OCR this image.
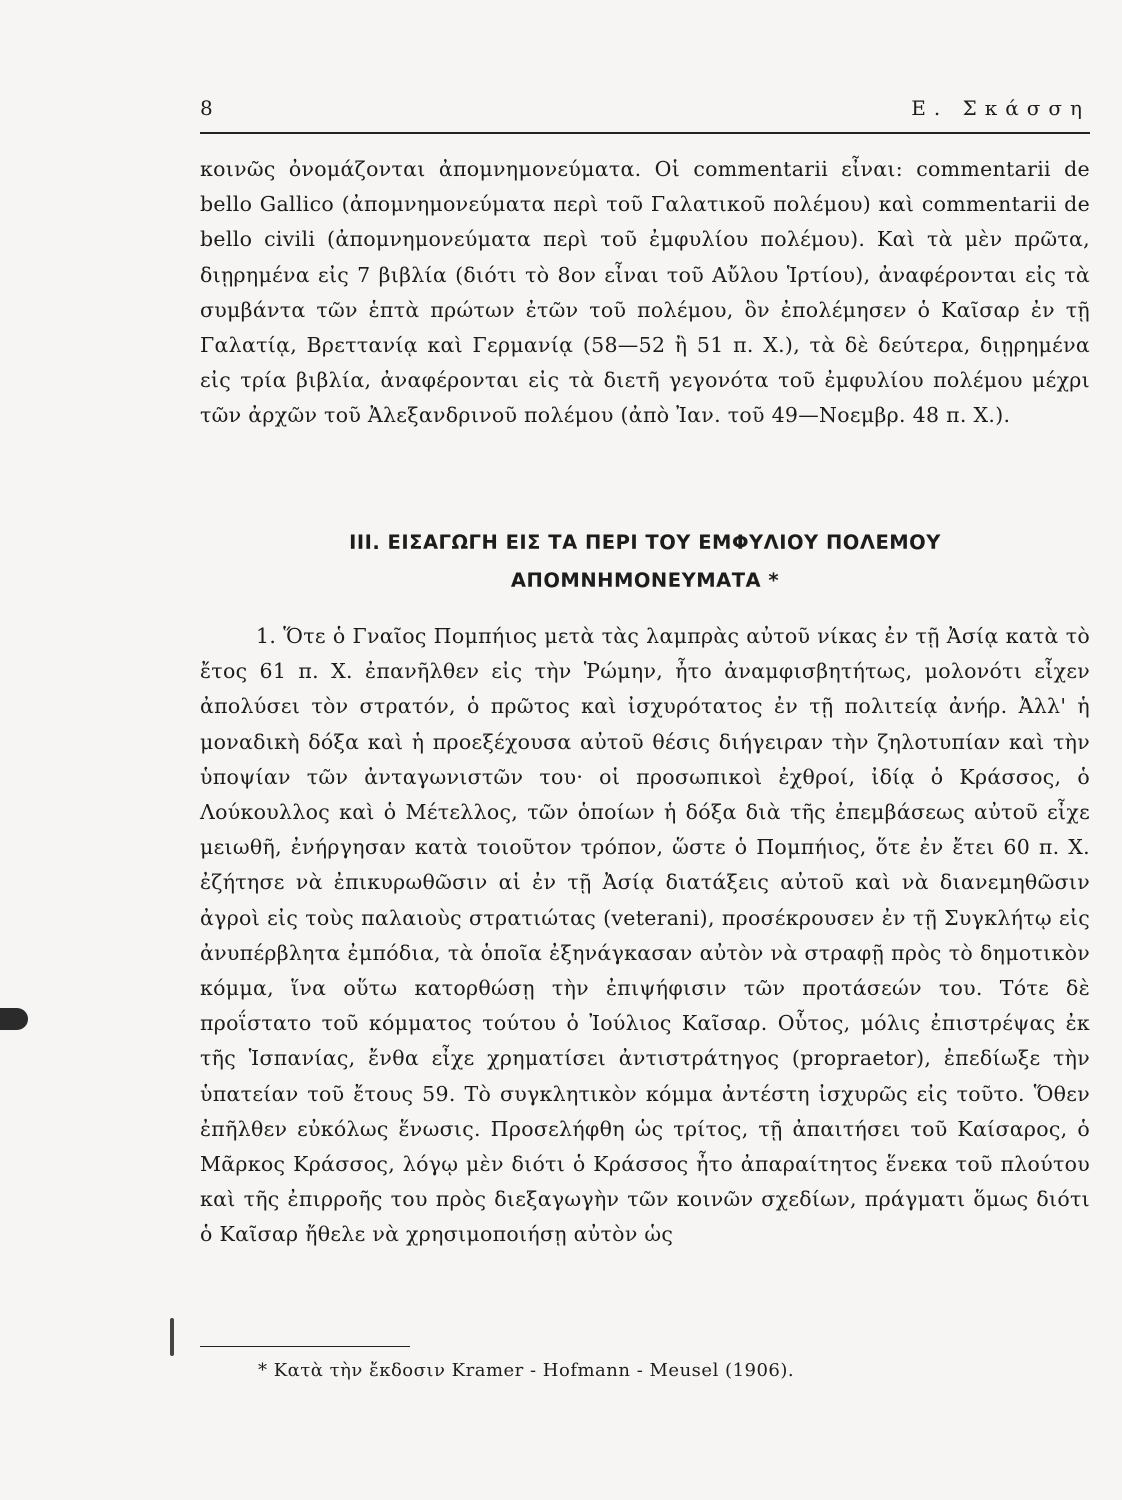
8	Ε. Σκάσση

κοινῶς ὀνομάζονται ἀπομνημονεύματα. Οἱ commentarii εἶναι: commentarii de bello Gallico (ἀπομνημονεύματα περὶ τοῦ Γαλατικοῦ πολέμου) καὶ commentarii de bello civili (ἀπομνημονεύματα περὶ τοῦ ἐμφυλίου πολέμου). Καὶ τὰ μὲν πρῶτα, διῃρημένα εἰς 7 βιβλία (διότι τὸ 8ον εἶναι τοῦ Αὔλου Ἱρτίου), ἀναφέρονται εἰς τὰ συμβάντα τῶν ἑπτὰ πρώτων ἐτῶν τοῦ πολέμου, ὃν ἐπολέμησεν ὁ Καῖσαρ ἐν τῇ Γαλατίᾳ, Βρεττανίᾳ καὶ Γερμανίᾳ (58—52 ἢ 51 π. Χ.), τὰ δὲ δεύτερα, διῃρημένα εἰς τρία βιβλία, ἀναφέρονται εἰς τὰ διετῆ γεγονότα τοῦ ἐμφυλίου πολέμου μέχρι τῶν ἀρχῶν τοῦ Ἀλεξανδρινοῦ πολέμου (ἀπὸ Ἰαν. τοῦ 49—Νοεμβρ. 48 π. Χ.).

ΙΙΙ. ΕΙΣΑΓΩΓΗ ΕΙΣ ΤΑ ΠΕΡΙ ΤΟΥ ΕΜΦΥΛΙΟΥ ΠΟΛΕΜΟΥ
ΑΠΟΜΝΗΜΟΝΕΥΜΑΤΑ *

1. Ὅτε ὁ Γναῖος Πομπήιος μετὰ τὰς λαμπρὰς αὐτοῦ νίκας ἐν τῇ Ἀσίᾳ κατὰ τὸ ἔτος 61 π. Χ. ἐπανῆλθεν εἰς τὴν Ῥώμην, ἦτο ἀναμφισβητήτως, μολονότι εἶχεν ἀπολύσει τὸν στρατόν, ὁ πρῶτος καὶ ἰσχυρότατος ἐν τῇ πολιτείᾳ ἀνήρ. Ἀλλ' ἡ μοναδικὴ δόξα καὶ ἡ προεξέχουσα αὐτοῦ θέσις διήγειραν τὴν ζηλοτυπίαν καὶ τὴν ὑποψίαν τῶν ἀνταγωνιστῶν του· οἱ προσωπικοὶ ἐχθροί, ἰδίᾳ ὁ Κράσσος, ὁ Λούκουλλος καὶ ὁ Μέτελλος, τῶν ὁποίων ἡ δόξα διὰ τῆς ἐπεμβάσεως αὐτοῦ εἶχε μειωθῆ, ἐνήργησαν κατὰ τοιοῦτον τρόπον, ὥστε ὁ Πομπήιος, ὅτε ἐν ἔτει 60 π. Χ. ἐζήτησε νὰ ἐπικυρωθῶσιν αἱ ἐν τῇ Ἀσίᾳ διατάξεις αὐτοῦ καὶ νὰ διανεμηθῶσιν ἀγροὶ εἰς τοὺς παλαιοὺς στρατιώτας (veterani), προσέκρουσεν ἐν τῇ Συγκλήτῳ εἰς ἀνυπέρβλητα ἐμπόδια, τὰ ὁποῖα ἐξηνάγκασαν αὐτὸν νὰ στραφῇ πρὸς τὸ δημοτικὸν κόμμα, ἵνα οὕτω κατορθώσῃ τὴν ἐπιψήφισιν τῶν προτάσεών του. Τότε δὲ προΐστατο τοῦ κόμματος τούτου ὁ Ἰούλιος Καῖσαρ. Οὗτος, μόλις ἐπιστρέψας ἐκ τῆς Ἱσπανίας, ἔνθα εἶχε χρηματίσει ἀντιστράτηγος (propraetor), ἐπεδίωξε τὴν ὑπατείαν τοῦ ἔτους 59. Τὸ συγκλητικὸν κόμμα ἀντέστη ἰσχυρῶς εἰς τοῦτο. Ὅθεν ἐπῆλθεν εὐκόλως ἕνωσις. Προσελήφθη ὡς τρίτος, τῇ ἀπαιτήσει τοῦ Καίσαρος, ὁ Μᾶρκος Κράσσος, λόγῳ μὲν διότι ὁ Κράσσος ἦτο ἀπαραίτητος ἕνεκα τοῦ πλούτου καὶ τῆς ἐπιρροῆς του πρὸς διεξαγωγὴν τῶν κοινῶν σχεδίων, πράγματι ὅμως διότι ὁ Καῖσαρ ἤθελε νὰ χρησιμοποιήσῃ αὐτὸν ὡς

* Κατὰ τὴν ἔκδοσιν Kramer - Hofmann - Meusel (1906).
